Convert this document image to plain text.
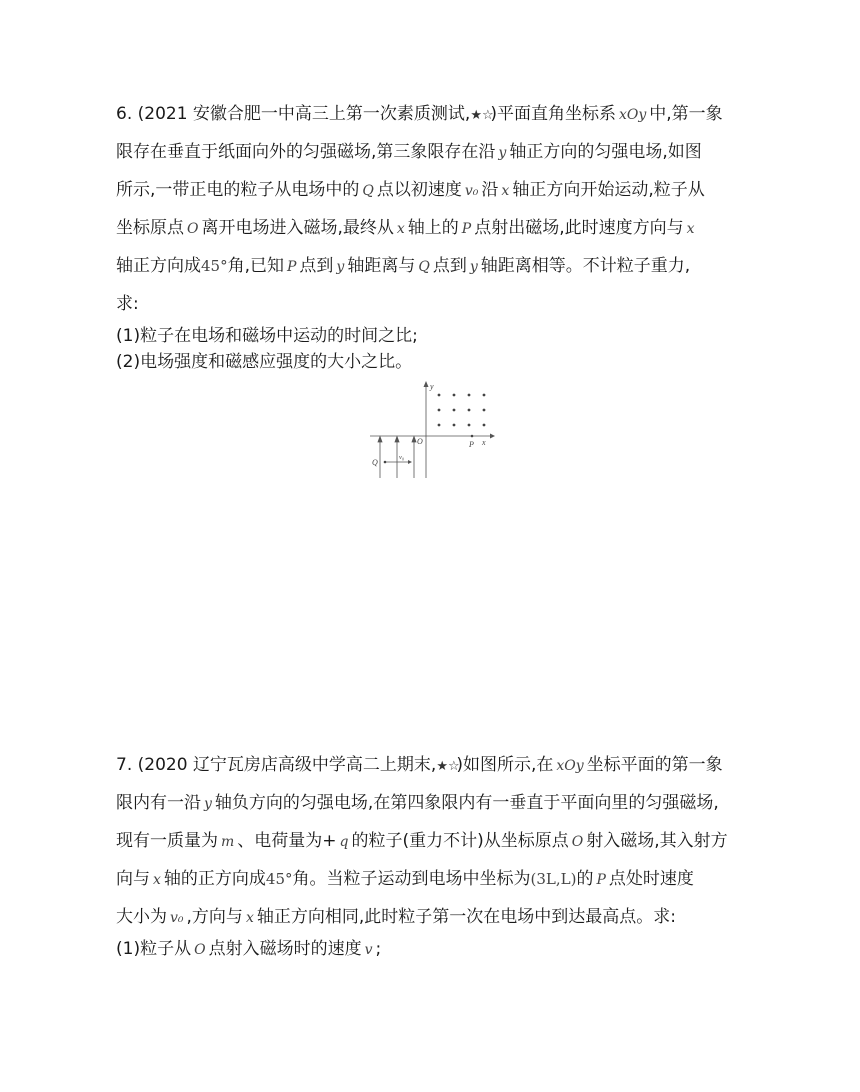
6. (2021 安徽合肥一中高三上第一次素质测试,★☆)平面直角坐标系 xOy 中,第一象
限存在垂直于纸面向外的匀强磁场,第三象限存在沿 y 轴正方向的匀强电场,如图
所示,一带正电的粒子从电场中的 Q 点以初速度 v₀ 沿 x 轴正方向开始运动,粒子从
坐标原点 O 离开电场进入磁场,最终从 x 轴上的 P 点射出磁场,此时速度方向与 x
轴正方向成45°角,已知 P 点到 y 轴距离与 Q 点到 y 轴距离相等。不计粒子重力,
求:
(1)粒子在电场和磁场中运动的时间之比;
(2)电场强度和磁感应强度的大小之比。
y
x
O	P
Q
v₀
7. (2020 辽宁瓦房店高级中学高二上期末,★☆)如图所示,在 xOy 坐标平面的第一象
限内有一沿 y 轴负方向的匀强电场,在第四象限内有一垂直于平面向里的匀强磁场,
现有一质量为 m 、电荷量为+ q 的粒子(重力不计)从坐标原点 O 射入磁场,其入射方
向与 x 轴的正方向成45°角。当粒子运动到电场中坐标为(3L,L)的 P 点处时速度
大小为 v₀ ,方向与 x 轴正方向相同,此时粒子第一次在电场中到达最高点。求:
(1)粒子从 O 点射入磁场时的速度 v ;
